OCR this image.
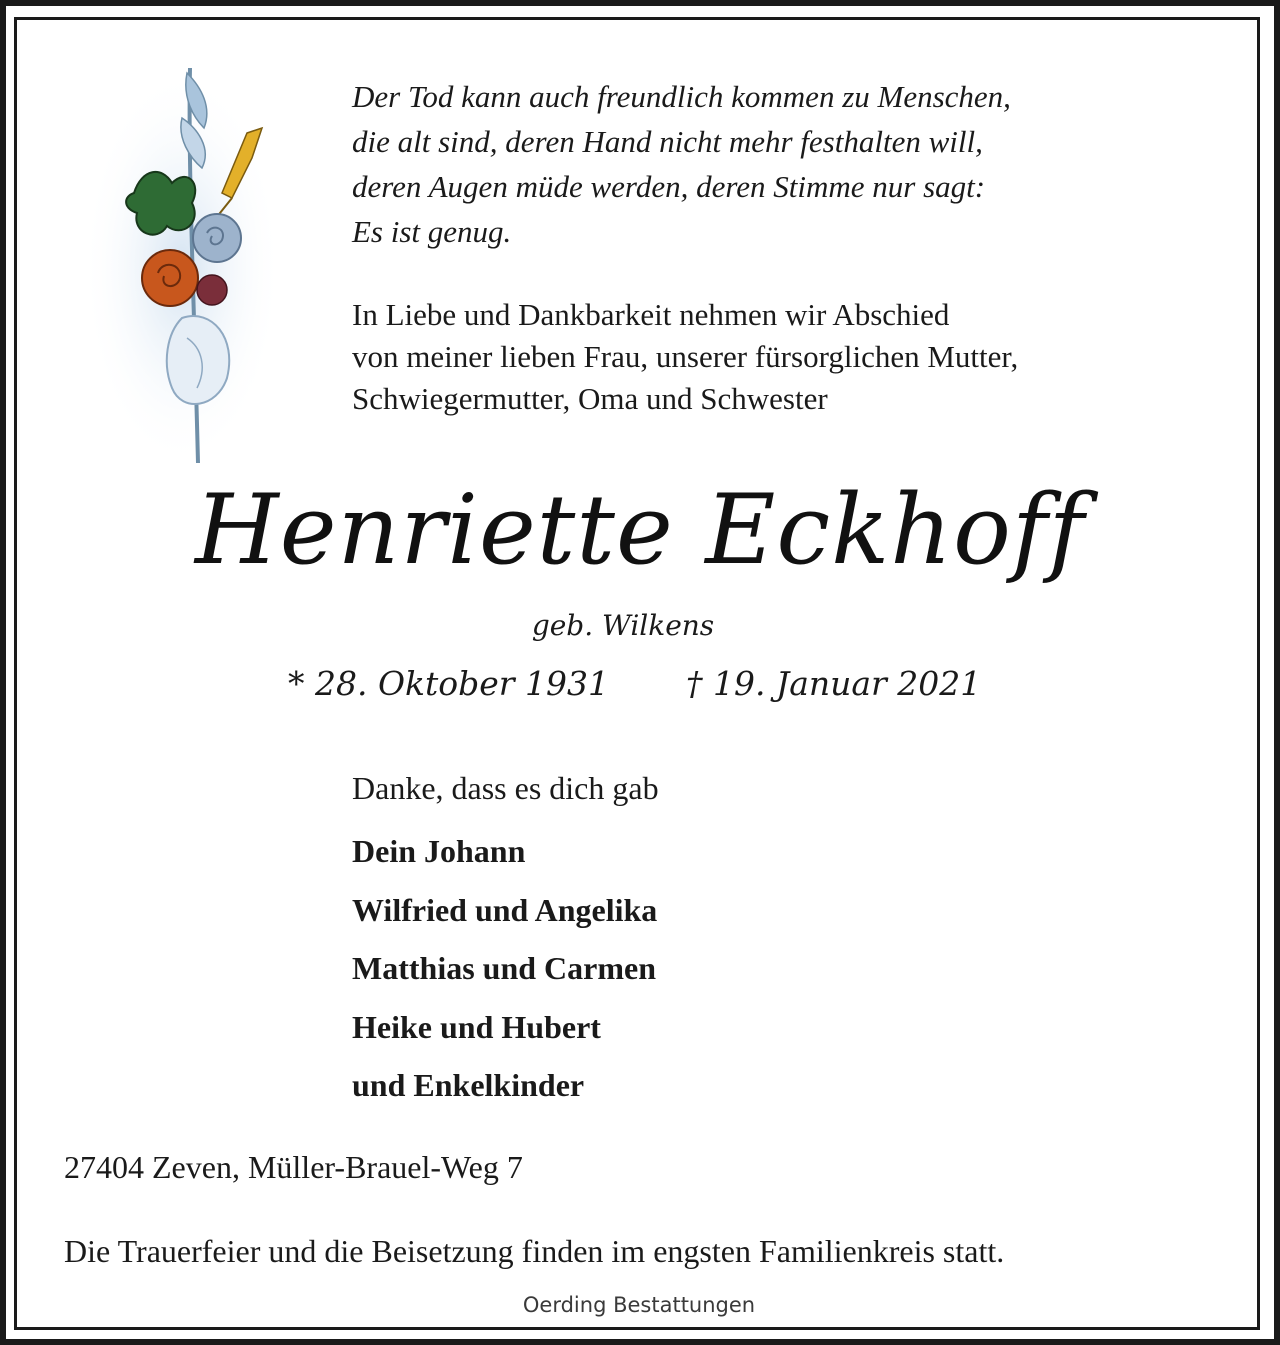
Der Tod kann auch freundlich kommen zu Menschen,
die alt sind, deren Hand nicht mehr festhalten will,
deren Augen müde werden, deren Stimme nur sagt:
Es ist genug.
In Liebe und Dankbarkeit nehmen wir Abschied
von meiner lieben Frau, unserer fürsorglichen Mutter,
Schwiegermutter, Oma und Schwester
Henriette Eckhoff
geb. Wilkens
* 28. Oktober 1931 † 19. Januar 2021
Danke, dass es dich gab
Dein Johann
Wilfried und Angelika
Matthias und Carmen
Heike und Hubert
und Enkelkinder
27404 Zeven, Müller-Brauel-Weg 7
Die Trauerfeier und die Beisetzung finden im engsten Familienkreis statt.
Oerding Bestattungen
